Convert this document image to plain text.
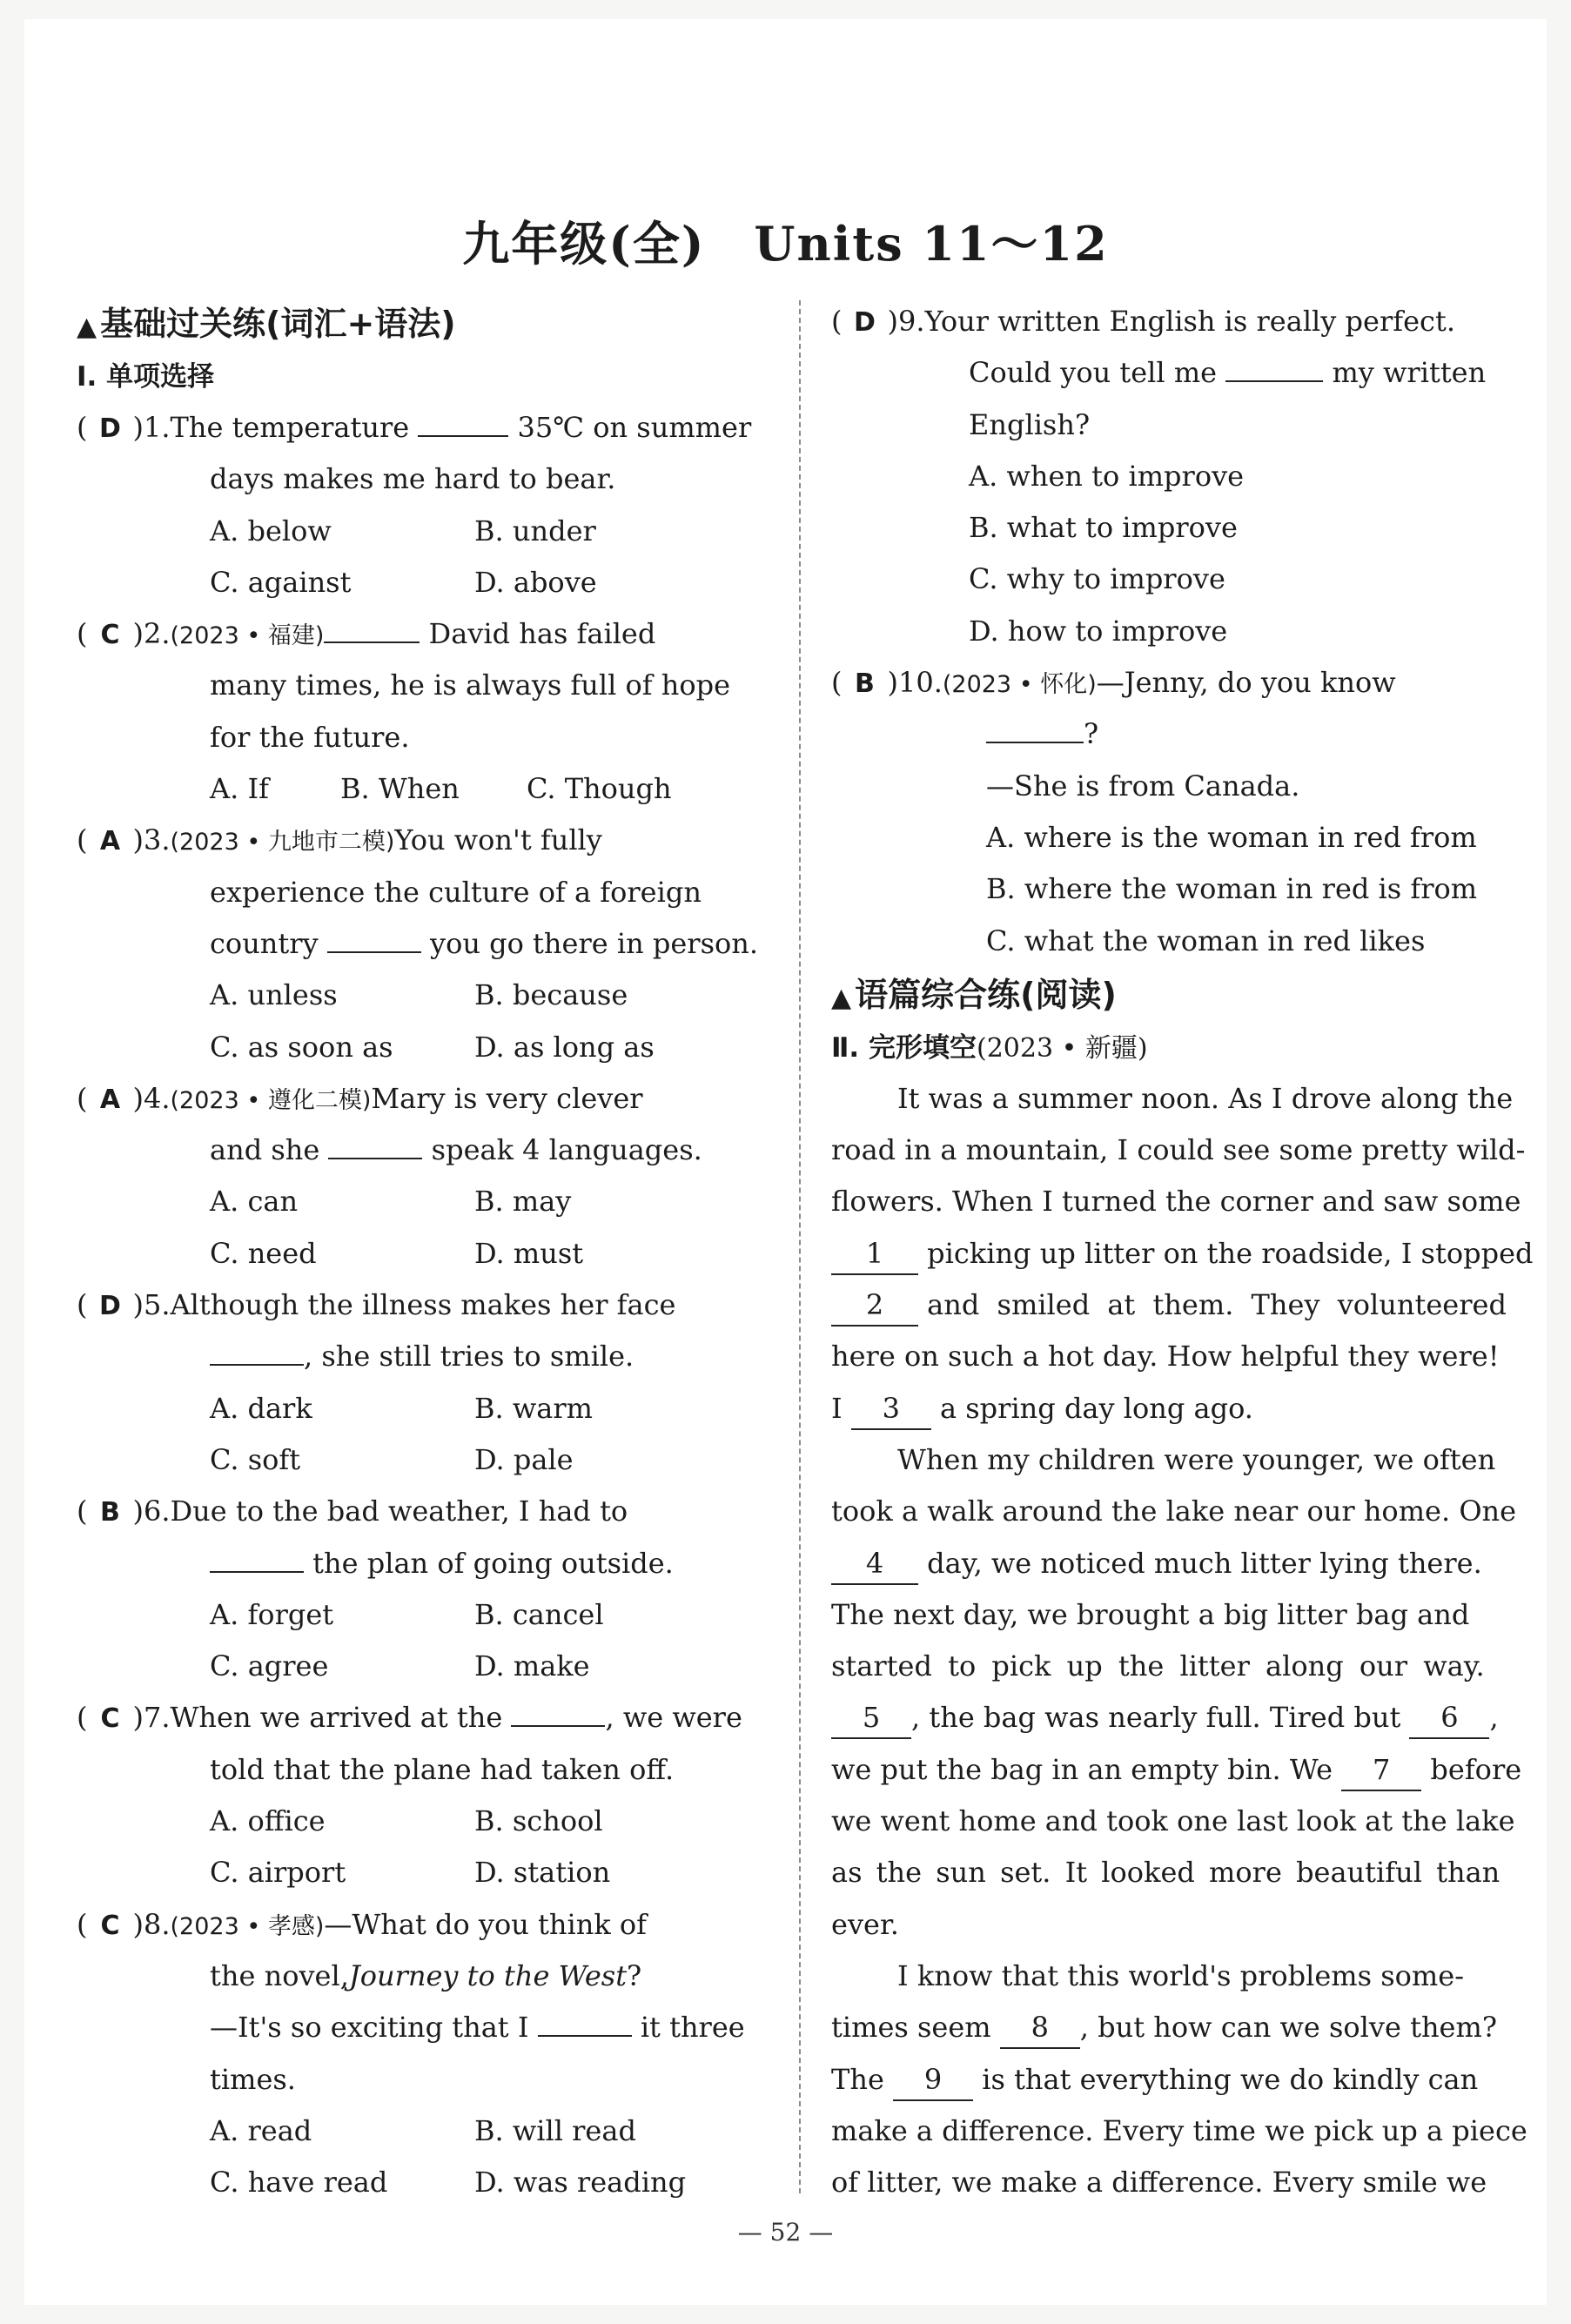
九年级(全)　Units 11～12
▲ 基础过关练(词汇+语法)
Ⅰ. 单项选择
( D )1.The temperature	35℃ on summer
days makes me hard to bear.
A. below	B. under
C. against	D. above
( C )2.(2023 • 福建)	David has failed
many times, he is always full of hope
for the future.
A. If	B. When C. Though
( A )3.(2023 • 九地市二模)You won't fully
experience the culture of a foreign
country	you go there in person.
A. unless	B. because
C. as soon as	D. as long as
( A )4.(2023 • 遵化二模)Mary is very clever
and she	speak 4 languages.
A. can	B. may
C. need	D. must
( D )5.Although the illness makes her face
, she still tries to smile.
A. dark	B. warm
C. soft	D. pale
( B )6.Due to the bad weather, I had to
the plan of going outside.
A. forget	B. cancel
C. agree	D. make
( C )7.When we arrived at the	, we were
told that the plane had taken off.
A. office	B. school
C. airport	D. station
( C )8.(2023 • 孝感)—What do you think of
the novel,Journey to the West?
—It's so exciting that I	it three
times.
A. read	B. will read
C. have read	D. was reading
( D )9.Your written English is really perfect.
Could you tell me	my written
English?
A. when to improve
B. what to improve
C. why to improve
D. how to improve
( B )10.(2023 • 怀化)—Jenny, do you know
?
—She is from Canada.
A. where is the woman in red from
B. where the woman in red is from
C. what the woman in red likes
▲ 语篇综合练(阅读)
Ⅱ. 完形填空(2023 • 新疆)
It was a summer noon. As I drove along the
road in a mountain, I could see some pretty wild-
flowers. When I turned the corner and saw some
1 picking up litter on the roadside, I stopped
2 and smiled at them. They volunteered
here on such a hot day. How helpful they were!
I 3 a spring day long ago.
When my children were younger, we often
took a walk around the lake near our home. One
4 day, we noticed much litter lying there.
The next day, we brought a big litter bag and
started to pick up the litter along our way.
5 , the bag was nearly full. Tired but 6 ,
we put the bag in an empty bin. We 7 before
we went home and took one last look at the lake
as the sun set. It looked more beautiful than
ever.
I know that this world's problems some-
times seem 8 , but how can we solve them?
The 9 is that everything we do kindly can
make a difference. Every time we pick up a piece
of litter, we make a difference. Every smile we
— 52 —
